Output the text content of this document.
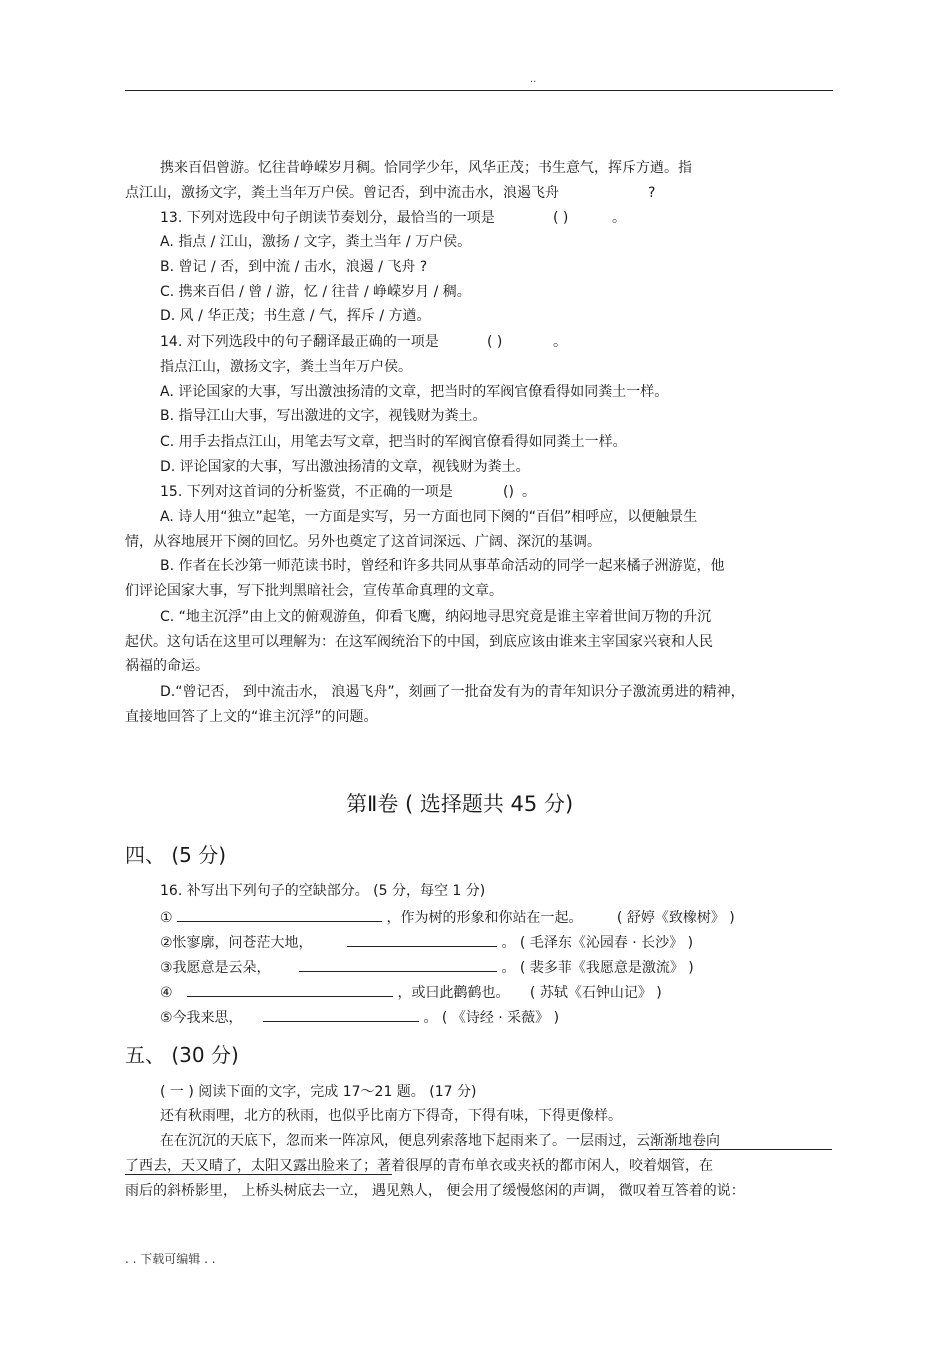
..
携来百侣曾游。忆往昔峥嵘岁月稠。恰同学少年，风华正茂；书生意气，挥斥方遒。指
点江山，激扬文字，粪土当年万户侯。曾记否，到中流击水，浪遏飞舟	?
13. 下列对选段中句子朗读节奏划分，最恰当的一项是	( )	。
A. 指点 / 江山，激扬 / 文字，粪土当年 / 万户侯。
B. 曾记 / 否，到中流 / 击水，浪遏 / 飞舟 ?
C. 携来百侣 / 曾 / 游，忆 / 往昔 / 峥嵘岁月 / 稠。
D. 风 / 华正茂；书生意 / 气，挥斥 / 方遒。
14. 对下列选段中的句子翻译最正确的一项是	( )	。
指点江山，激扬文字，粪土当年万户侯。
A. 评论国家的大事，写出激浊扬清的文章，把当时的军阀官僚看得如同粪土一样。
B. 指导江山大事，写出激进的文字，视钱财为粪土。
C. 用手去指点江山，用笔去写文章，把当时的军阀官僚看得如同粪土一样。
D. 评论国家的大事，写出激浊扬清的文章，视钱财为粪土。
15. 下列对这首词的分析鉴赏，不正确的一项是	() 。
A. 诗人用“独立”起笔，一方面是实写，另一方面也同下阕的“百侣”相呼应，以便触景生
情，从容地展开下阕的回忆。另外也奠定了这首词深远、广阔、深沉的基调。
B. 作者在长沙第一师范读书时，曾经和许多共同从事革命活动的同学一起来橘子洲游览，他
们评论国家大事，写下批判黑暗社会，宣传革命真理的文章。
C. “地主沉浮”由上文的俯观游鱼，仰看飞鹰，纳闷地寻思究竟是谁主宰着世间万物的升沉
起伏。这句话在这里可以理解为：在这军阀统治下的中国，到底应该由谁来主宰国家兴衰和人民
祸福的命运。
D.“曾记否， 到中流击水， 浪遏飞舟”，刻画了一批奋发有为的青年知识分子激流勇进的精神，
直接地回答了上文的“谁主沉浮”的问题。
第Ⅱ卷 ( 选择题共 45 分)
四、 (5 分)
16. 补写出下列句子的空缺部分。 (5 分，每空 1 分)
①	，作为树的形象和你站在一起。 ( 舒婷《致橡树》 )
②怅寥廓，问苍茫大地，	。 ( 毛泽东《沁园春 · 长沙》 )
③我愿意是云朵，	。 ( 裴多菲《我愿意是激流》 )
④	，或曰此鹳鹤也。 ( 苏轼《石钟山记》 )
⑤今我来思，	。 ( 《诗经 · 采薇》 )
五、 (30 分)
( 一 ) 阅读下面的文字，完成 17～21 题。 (17 分)
还有秋雨哩，北方的秋雨，也似乎比南方下得奇，下得有味，下得更像样。
在在沉沉的天底下，忽而来一阵凉风，便息列索落地下起雨来了。一层雨过，云渐渐地卷向
了西去，天又晴了，太阳又露出脸来了；著着很厚的青布单衣或夹袄的都市闲人，咬着烟管，在
雨后的斜桥影里， 上桥头树底去一立， 遇见熟人， 便会用了缓慢悠闲的声调， 微叹着互答着的说：
. . 下载可编辑 . .
